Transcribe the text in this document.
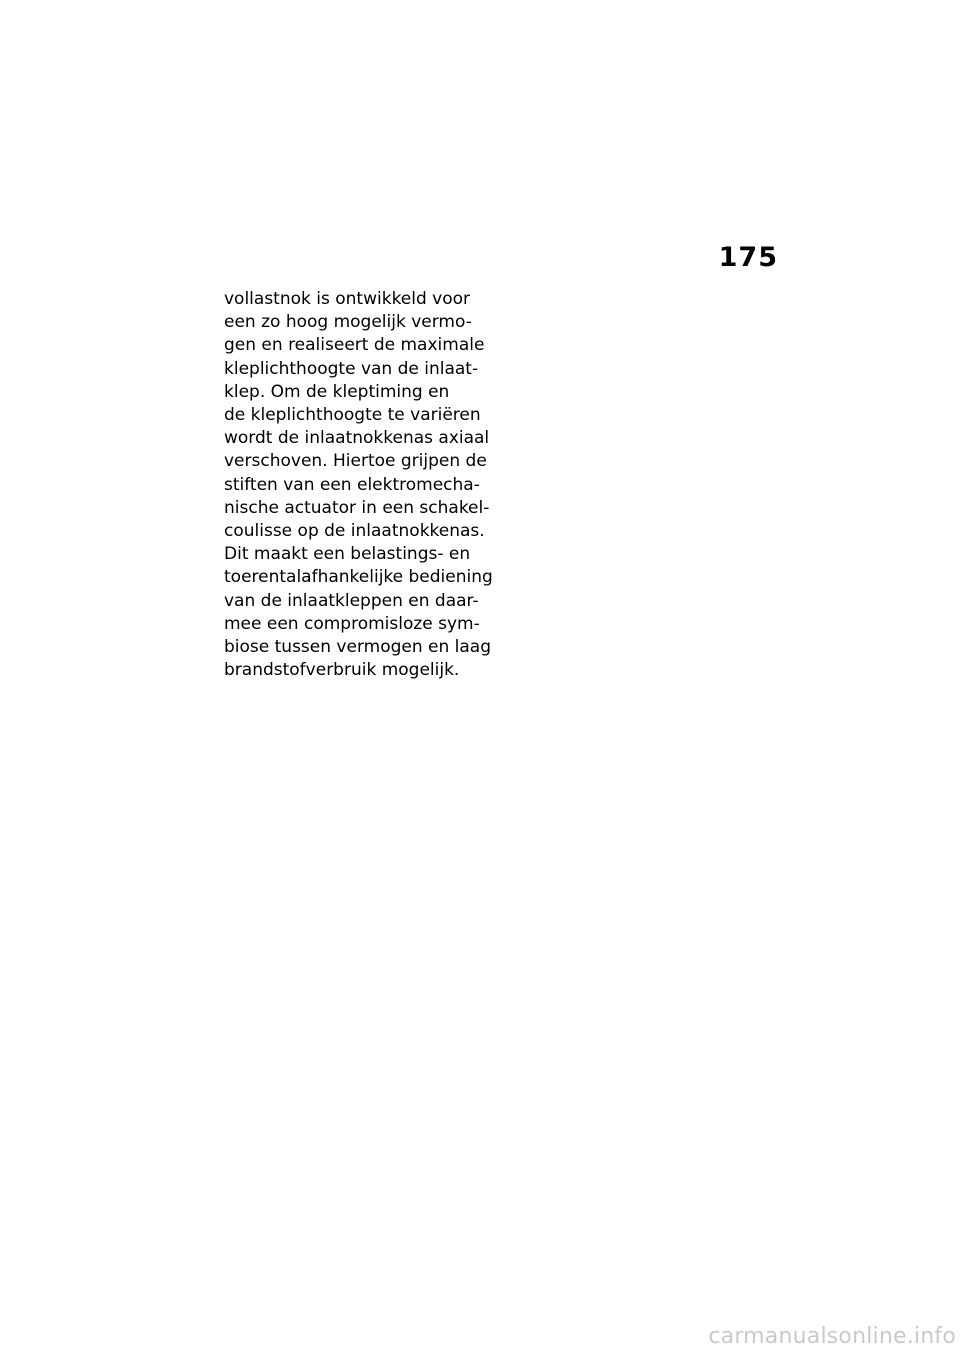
175
vollastnok is ontwikkeld voor
een zo hoog mogelijk vermo-
gen en realiseert de maximale
kleplichthoogte van de inlaat-
klep. Om de kleptiming en
de kleplichthoogte te variëren
wordt de inlaatnokkenas axiaal
verschoven. Hiertoe grijpen de
stiften van een elektromecha-
nische actuator in een schakel-
coulisse op de inlaatnokkenas.
Dit maakt een belastings- en
toerentalafhankelijke bediening
van de inlaatkleppen en daar-
mee een compromisloze sym-
biose tussen vermogen en laag
brandstofverbruik mogelijk.
carmanualsonline.info
